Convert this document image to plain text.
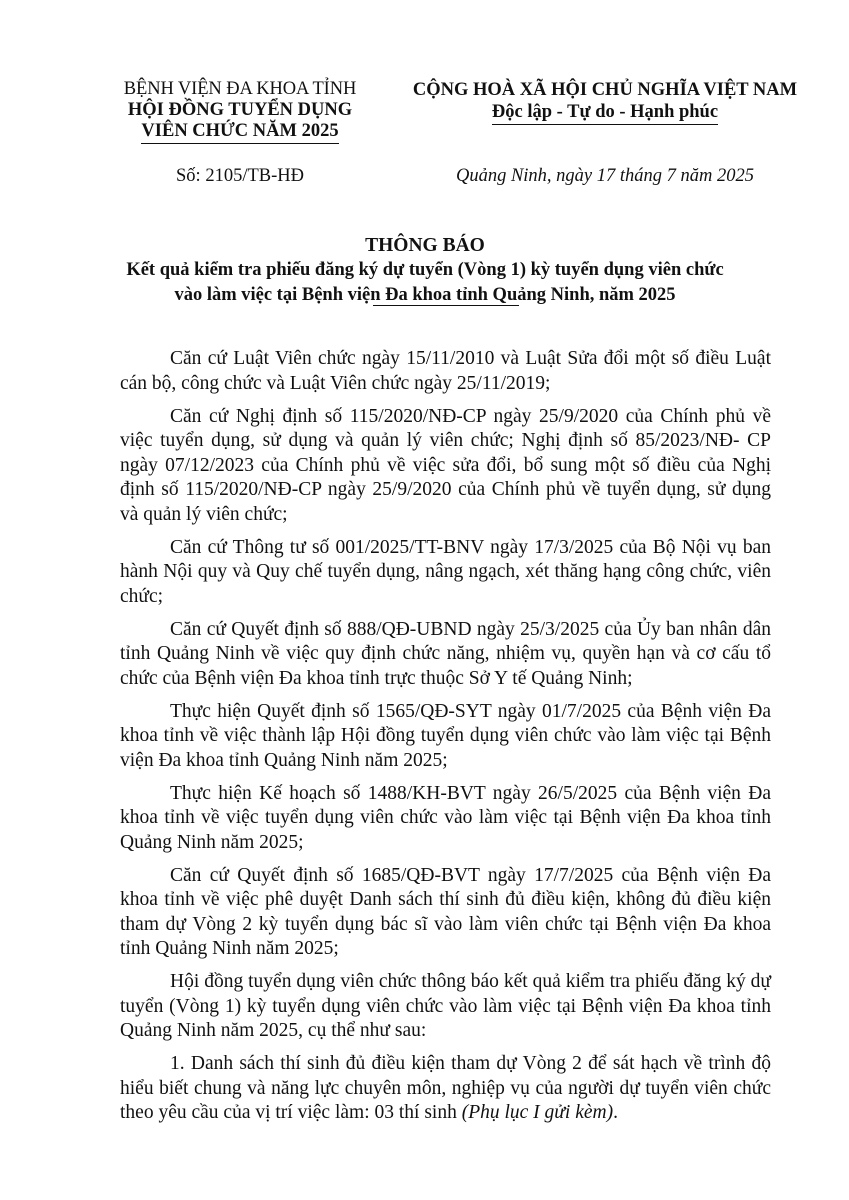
BỆNH VIỆN ĐA KHOA TỈNH
HỘI ĐỒNG TUYỂN DỤNG
VIÊN CHỨC NĂM 2025
CỘNG HOÀ XÃ HỘI CHỦ NGHĨA VIỆT NAM
Độc lập - Tự do - Hạnh phúc
Số: 2105/TB-HĐ	Quảng Ninh, ngày 17 tháng 7 năm 2025
THÔNG BÁO
Kết quả kiểm tra phiếu đăng ký dự tuyển (Vòng 1) kỳ tuyển dụng viên chức
vào làm việc tại Bệnh viện Đa khoa tỉnh Quảng Ninh, năm 2025

Căn cứ Luật Viên chức ngày 15/11/2010 và Luật Sửa đổi một số điều Luật cán bộ, công chức và Luật Viên chức ngày 25/11/2019;

Căn cứ Nghị định số 115/2020/NĐ-CP ngày 25/9/2020 của Chính phủ về việc tuyển dụng, sử dụng và quản lý viên chức; Nghị định số 85/2023/NĐ- CP ngày 07/12/2023 của Chính phủ về việc sửa đổi, bổ sung một số điều của Nghị định số 115/2020/NĐ-CP ngày 25/9/2020 của Chính phủ về tuyển dụng, sử dụng và quản lý viên chức;

Căn cứ Thông tư số 001/2025/TT-BNV ngày 17/3/2025 của Bộ Nội vụ ban hành Nội quy và Quy chế tuyển dụng, nâng ngạch, xét thăng hạng công chức, viên chức;

Căn cứ Quyết định số 888/QĐ-UBND ngày 25/3/2025 của Ủy ban nhân dân tỉnh Quảng Ninh về việc quy định chức năng, nhiệm vụ, quyền hạn và cơ cấu tổ chức của Bệnh viện Đa khoa tỉnh trực thuộc Sở Y tế Quảng Ninh;

Thực hiện Quyết định số 1565/QĐ-SYT ngày 01/7/2025 của Bệnh viện Đa khoa tỉnh về việc thành lập Hội đồng tuyển dụng viên chức vào làm việc tại Bệnh viện Đa khoa tỉnh Quảng Ninh năm 2025;

Thực hiện Kế hoạch số 1488/KH-BVT ngày 26/5/2025 của Bệnh viện Đa khoa tỉnh về việc tuyển dụng viên chức vào làm việc tại Bệnh viện Đa khoa tỉnh Quảng Ninh năm 2025;

Căn cứ Quyết định số 1685/QĐ-BVT ngày 17/7/2025 của Bệnh viện Đa khoa tỉnh về việc phê duyệt Danh sách thí sinh đủ điều kiện, không đủ điều kiện tham dự Vòng 2 kỳ tuyển dụng bác sĩ vào làm viên chức tại Bệnh viện Đa khoa tỉnh Quảng Ninh năm 2025;

Hội đồng tuyển dụng viên chức thông báo kết quả kiểm tra phiếu đăng ký dự tuyển (Vòng 1) kỳ tuyển dụng viên chức vào làm việc tại Bệnh viện Đa khoa tỉnh Quảng Ninh năm 2025, cụ thể như sau:

1. Danh sách thí sinh đủ điều kiện tham dự Vòng 2 để sát hạch về trình độ hiểu biết chung và năng lực chuyên môn, nghiệp vụ của người dự tuyển viên chức theo yêu cầu của vị trí việc làm: 03 thí sinh (Phụ lục I gửi kèm).
